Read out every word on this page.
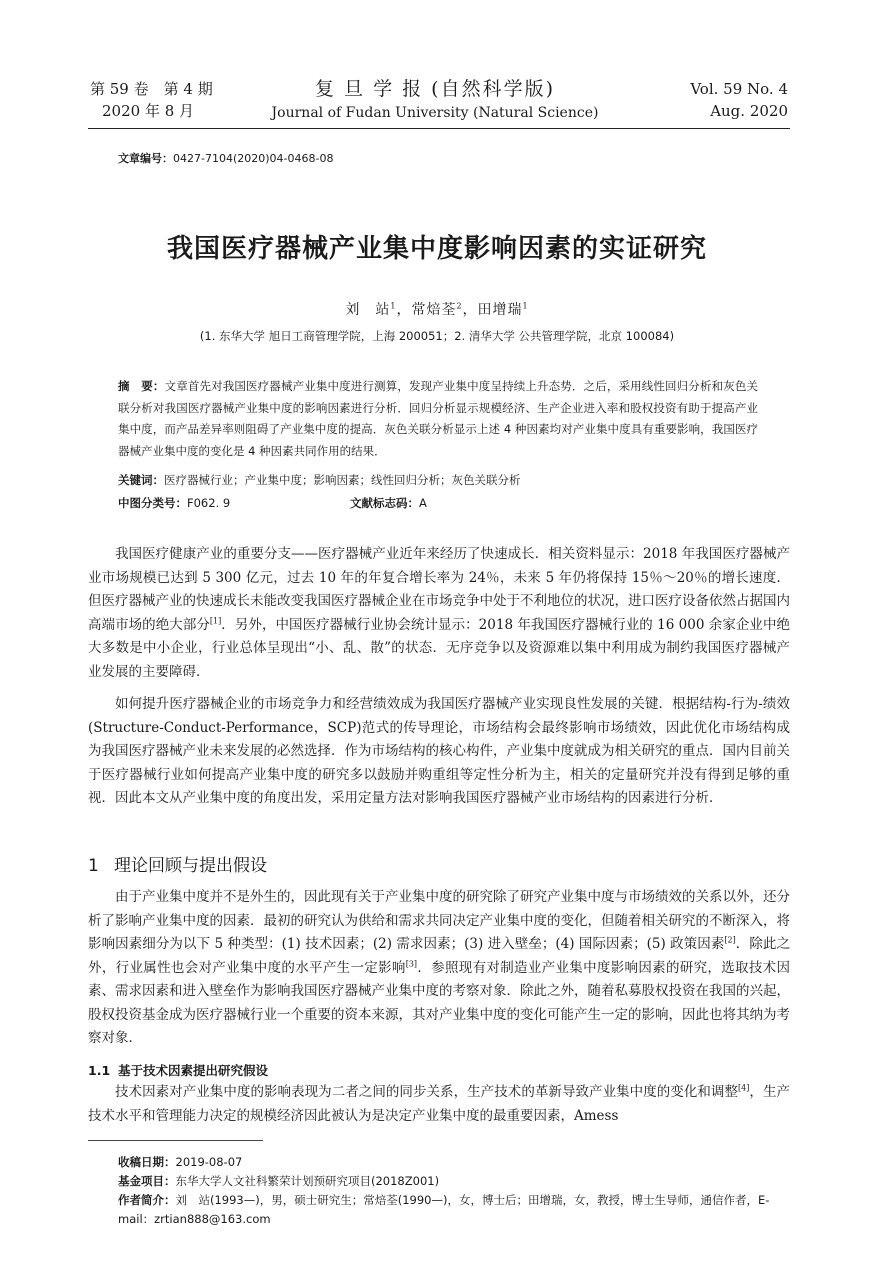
第 59 卷　第 4 期
2020 年 8 月
复 旦 学 报 (自然科学版)
Journal of Fudan University (Natural Science)
Vol. 59 No. 4
Aug. 2020
文章编号：0427-7104(2020)04-0468-08
我国医疗器械产业集中度影响因素的实证研究
刘　站$^1$，常焙荃$^2$，田增瑞$^1$
(1. 东华大学 旭日工商管理学院，上海 200051；2. 清华大学 公共管理学院，北京 100084)
摘　要：文章首先对我国医疗器械产业集中度进行测算，发现产业集中度呈持续上升态势．之后，采用线性回归分析和灰色关联分析对我国医疗器械产业集中度的影响因素进行分析．回归分析显示规模经济、生产企业进入率和股权投资有助于提高产业集中度，而产品差异率则阻碍了产业集中度的提高．灰色关联分析显示上述 4 种因素均对产业集中度具有重要影响，我国医疗器械产业集中度的变化是 4 种因素共同作用的结果．
关键词：医疗器械行业；产业集中度；影响因素；线性回归分析；灰色关联分析
中图分类号：F062. 9	文献标志码：A

我国医疗健康产业的重要分支——医疗器械产业近年来经历了快速成长．相关资料显示：2018 年我国医疗器械产业市场规模已达到 5 300 亿元，过去 10 年的年复合增长率为 24％，未来 5 年仍将保持 15％～20％的增长速度．但医疗器械产业的快速成长未能改变我国医疗器械企业在市场竞争中处于不利地位的状况，进口医疗设备依然占据国内高端市场的绝大部分[1]．另外，中国医疗器械行业协会统计显示：2018 年我国医疗器械行业的 16 000 余家企业中绝大多数是中小企业，行业总体呈现出“小、乱、散”的状态．无序竞争以及资源难以集中利用成为制约我国医疗器械产业发展的主要障碍．

如何提升医疗器械企业的市场竞争力和经营绩效成为我国医疗器械产业实现良性发展的关键．根据结构-行为-绩效(Structure-Conduct-Performance，SCP)范式的传导理论，市场结构会最终影响市场绩效，因此优化市场结构成为我国医疗器械产业未来发展的必然选择．作为市场结构的核心构件，产业集中度就成为相关研究的重点．国内目前关于医疗器械行业如何提高产业集中度的研究多以鼓励并购重组等定性分析为主，相关的定量研究并没有得到足够的重视．因此本文从产业集中度的角度出发，采用定量方法对影响我国医疗器械产业市场结构的因素进行分析．

1 理论回顾与提出假设

由于产业集中度并不是外生的，因此现有关于产业集中度的研究除了研究产业集中度与市场绩效的关系以外，还分析了影响产业集中度的因素．最初的研究认为供给和需求共同决定产业集中度的变化，但随着相关研究的不断深入，将影响因素细分为以下 5 种类型：(1) 技术因素；(2) 需求因素；(3) 进入壁垒；(4) 国际因素；(5) 政策因素[2]．除此之外，行业属性也会对产业集中度的水平产生一定影响[3]．参照现有对制造业产业集中度影响因素的研究，选取技术因素、需求因素和进入壁垒作为影响我国医疗器械产业集中度的考察对象．除此之外，随着私募股权投资在我国的兴起，股权投资基金成为医疗器械行业一个重要的资本来源，其对产业集中度的变化可能产生一定的影响，因此也将其纳为考察对象．

1.1 基于技术因素提出研究假设

技术因素对产业集中度的影响表现为二者之间的同步关系，生产技术的革新导致产业集中度的变化和调整[4]，生产技术水平和管理能力决定的规模经济因此被认为是决定产业集中度的最重要因素，Amess

收稿日期：2019-08-07
基金项目：东华大学人文社科繁荣计划预研究项目(2018Z001)
作者简介：刘　站(1993—)，男，硕士研究生；常焙荃(1990—)，女，博士后；田增瑞，女，教授，博士生导师，通信作者，E-mail：zrtian888@163.com
